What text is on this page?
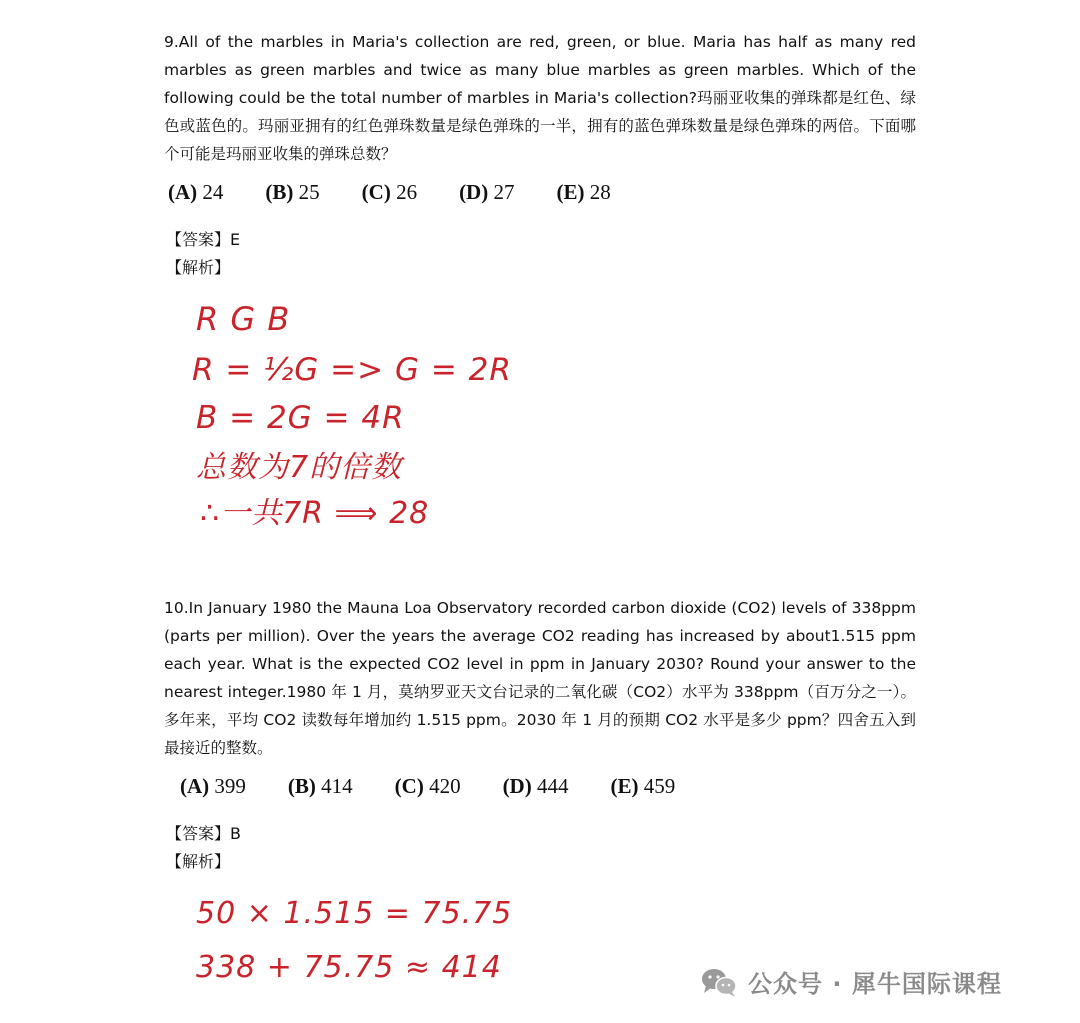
9.All of the marbles in Maria's collection are red, green, or blue. Maria has half as many red marbles as green marbles and twice as many blue marbles as green marbles. Which of the following could be the total number of marbles in Maria's collection?玛丽亚收集的弹珠都是红色、绿色或蓝色的。玛丽亚拥有的红色弹珠数量是绿色弹珠的一半，拥有的蓝色弹珠数量是绿色弹珠的两倍。下面哪个可能是玛丽亚收集的弹珠总数？
(A) 24 (B) 25 (C) 26 (D) 27 (E) 28
【答案】E
【解析】
R G B
R = ½G => G = 2R
B = 2G = 4R
总数为7的倍数
∴一共7R ⟹ 28
10.In January 1980 the Mauna Loa Observatory recorded carbon dioxide (CO2) levels of 338ppm (parts per million). Over the years the average CO2 reading has increased by about1.515 ppm each year. What is the expected CO2 level in ppm in January 2030? Round your answer to the nearest integer.1980 年 1 月，莫纳罗亚天文台记录的二氧化碳（CO2）水平为 338ppm（百万分之一）。多年来，平均 CO2 读数每年增加约 1.515 ppm。2030 年 1 月的预期 CO2 水平是多少 ppm？四舍五入到最接近的整数。
(A) 399 (B) 414 (C) 420 (D) 444 (E) 459
【答案】B
【解析】
50 × 1.515 = 75.75
338 + 75.75 ≈ 414	公众号 · 犀牛国际课程
